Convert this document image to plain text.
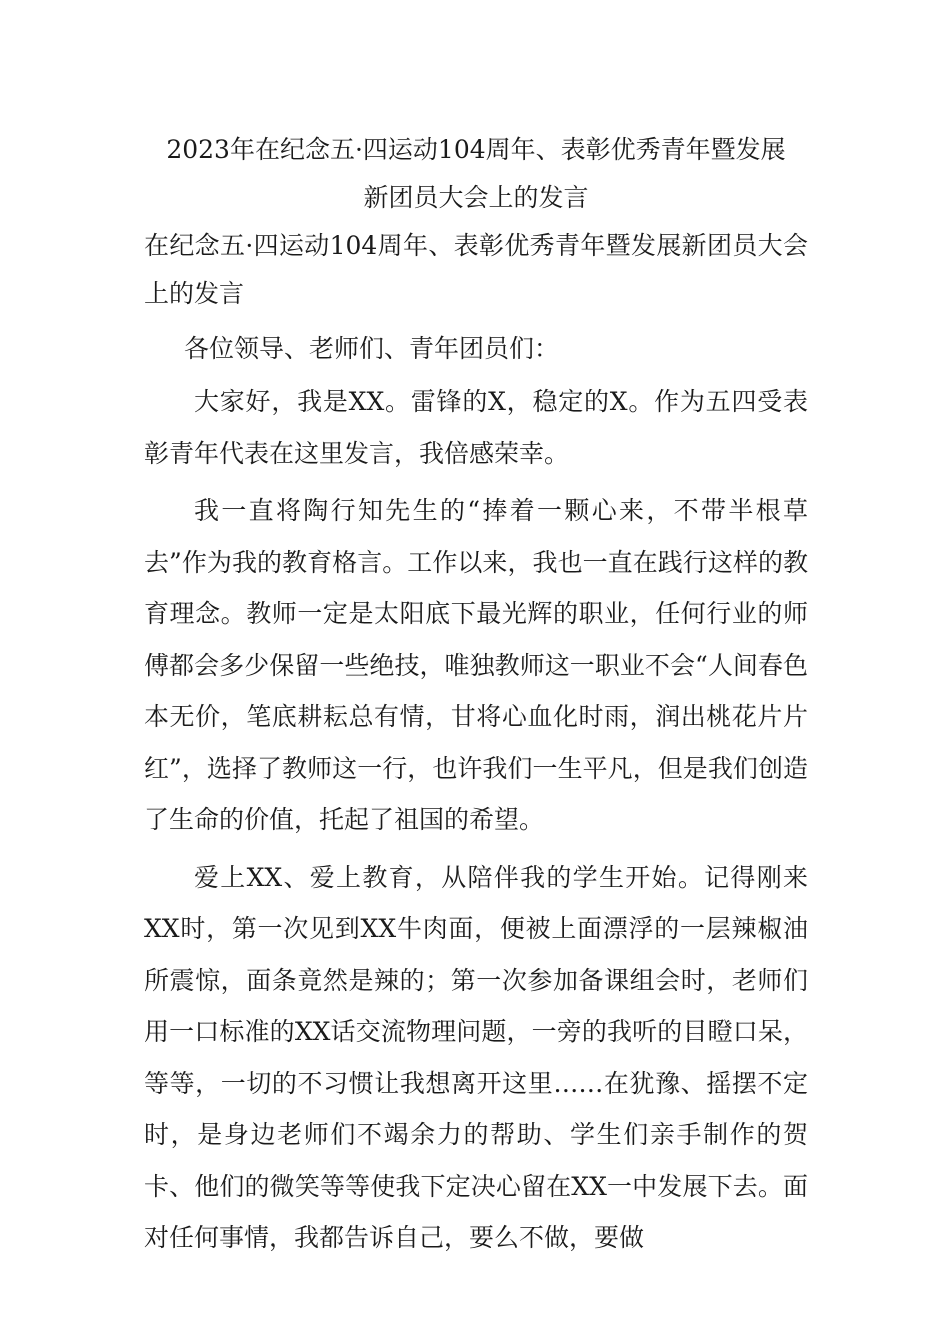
2023年在纪念五·四运动104周年、表彰优秀青年暨发展
新团员大会上的发言

在纪念五·四运动104周年、表彰优秀青年暨发展新团员大会上的发言

各位领导、老师们、青年团员们：

大家好，我是XX。雷锋的X，稳定的X。作为五四受表彰青年代表在这里发言，我倍感荣幸。

我一直将陶行知先生的“捧着一颗心来，不带半根草去”作为我的教育格言。工作以来，我也一直在践行这样的教育理念。教师一定是太阳底下最光辉的职业，任何行业的师傅都会多少保留一些绝技，唯独教师这一职业不会“人间春色本无价，笔底耕耘总有情，甘将心血化时雨，润出桃花片片红”，选择了教师这一行，也许我们一生平凡，但是我们创造了生命的价值，托起了祖国的希望。

爱上XX、爱上教育，从陪伴我的学生开始。记得刚来XX时，第一次见到XX牛肉面，便被上面漂浮的一层辣椒油所震惊，面条竟然是辣的；第一次参加备课组会时，老师们用一口标准的XX话交流物理问题，一旁的我听的目瞪口呆，等等，一切的不习惯让我想离开这里……在犹豫、摇摆不定时，是身边老师们不竭余力的帮助、学生们亲手制作的贺卡、他们的微笑等等使我下定决心留在XX一中发展下去。面对任何事情，我都告诉自己，要么不做，要做
